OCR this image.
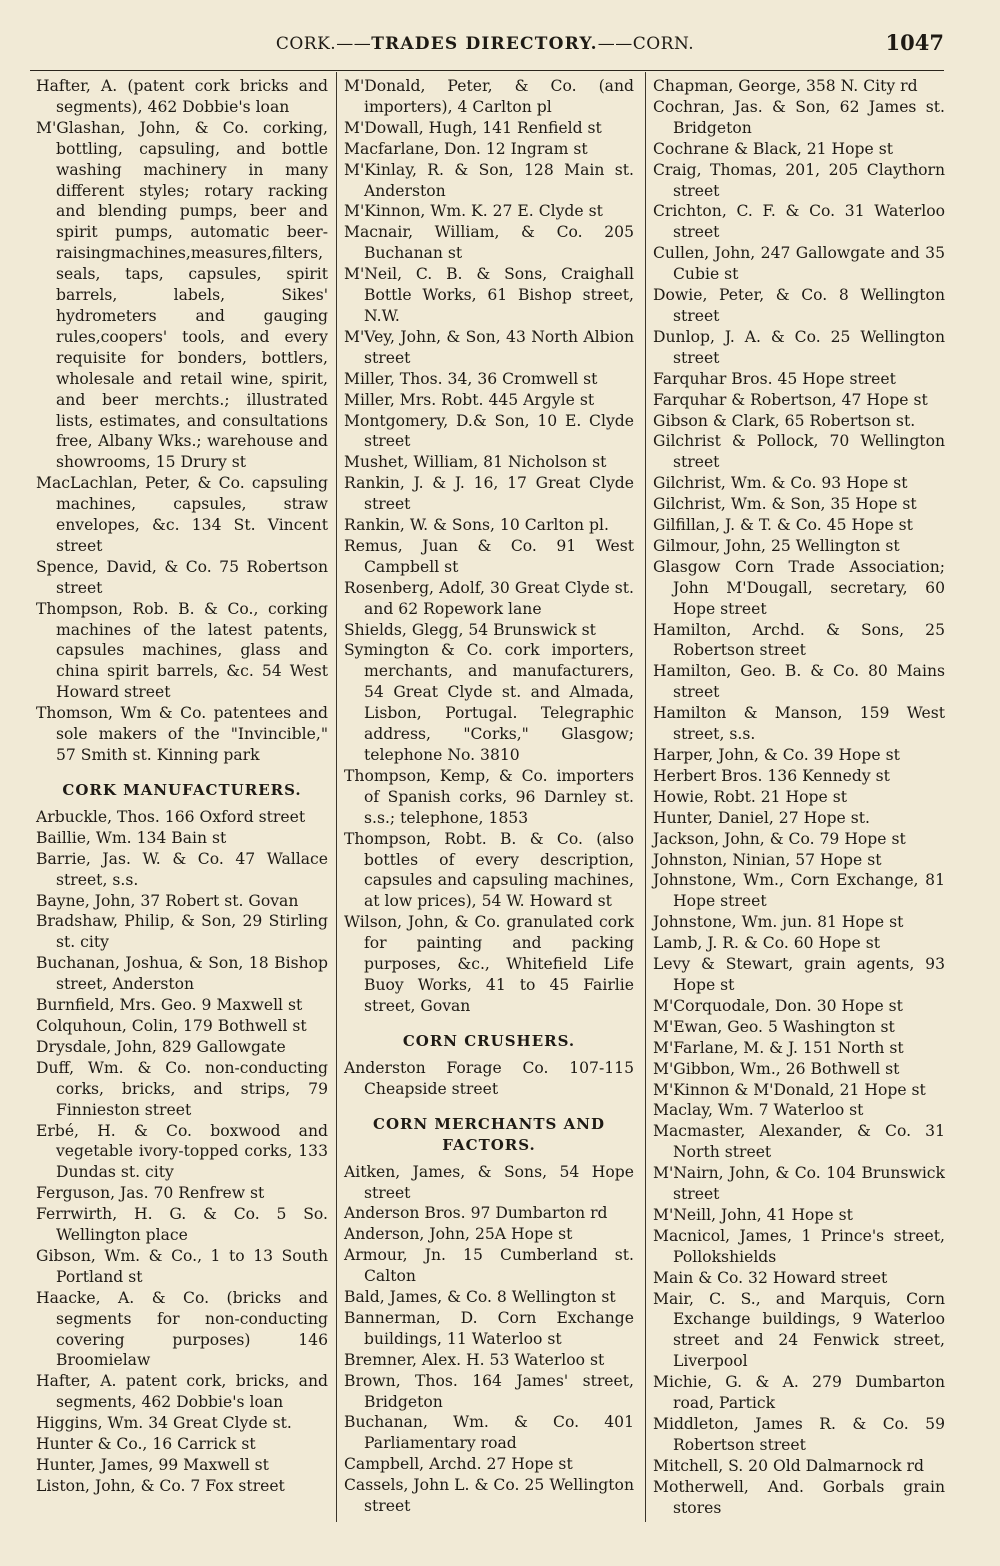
CORK.——TRADES DIRECTORY.——CORN.	1047
Hafter, A. (patent cork bricks and segments), 462 Dobbie's loan
M'Glashan, John, & Co. corking, bottling, capsuling, and bottle washing machinery in many different styles; rotary racking and blending pumps, beer and spirit pumps, automatic beer-raisingmachines,measures,filters, seals, taps, capsules, spirit barrels, labels, Sikes' hydrometers and gauging rules,coopers' tools, and every requisite for bonders, bottlers, wholesale and retail wine, spirit, and beer merchts.; illustrated lists, estimates, and consultations free, Albany Wks.; warehouse and showrooms, 15 Drury st
MacLachlan, Peter, & Co. capsuling machines, capsules, straw envelopes, &c. 134 St. Vincent street
Spence, David, & Co. 75 Robertson street
Thompson, Rob. B. & Co., corking machines of the latest patents, capsules machines, glass and china spirit barrels, &c. 54 West Howard street
Thomson, Wm & Co. patentees and sole makers of the "Invincible," 57 Smith st. Kinning park
CORK MANUFACTURERS.
Arbuckle, Thos. 166 Oxford street
Baillie, Wm. 134 Bain st
Barrie, Jas. W. & Co. 47 Wallace street, s.s.
Bayne, John, 37 Robert st. Govan
Bradshaw, Philip, & Son, 29 Stirling st. city
Buchanan, Joshua, & Son, 18 Bishop street, Anderston
Burnfield, Mrs. Geo. 9 Maxwell st
Colquhoun, Colin, 179 Bothwell st
Drysdale, John, 829 Gallowgate
Duff, Wm. & Co. non-conducting corks, bricks, and strips, 79 Finnieston street
Erbé, H. & Co. boxwood and vegetable ivory-topped corks, 133 Dundas st. city
Ferguson, Jas. 70 Renfrew st
Ferrwirth, H. G. & Co. 5 So. Wellington place
Gibson, Wm. & Co., 1 to 13 South Portland st
Haacke, A. & Co. (bricks and segments for non-conducting covering purposes) 146 Broomielaw
Hafter, A. patent cork, bricks, and segments, 462 Dobbie's loan
Higgins, Wm. 34 Great Clyde st.
Hunter & Co., 16 Carrick st
Hunter, James, 99 Maxwell st
Liston, John, & Co. 7 Fox street
M'Donald, Peter, & Co. (and importers), 4 Carlton pl
M'Dowall, Hugh, 141 Renfield st
Macfarlane, Don. 12 Ingram st
M'Kinlay, R. & Son, 128 Main st. Anderston
M'Kinnon, Wm. K. 27 E. Clyde st
Macnair, William, & Co. 205 Buchanan st
M'Neil, C. B. & Sons, Craighall Bottle Works, 61 Bishop street, N.W.
M'Vey, John, & Son, 43 North Albion street
Miller, Thos. 34, 36 Cromwell st
Miller, Mrs. Robt. 445 Argyle st
Montgomery, D.& Son, 10 E. Clyde street
Mushet, William, 81 Nicholson st
Rankin, J. & J. 16, 17 Great Clyde street
Rankin, W. & Sons, 10 Carlton pl.
Remus, Juan & Co. 91 West Campbell st
Rosenberg, Adolf, 30 Great Clyde st. and 62 Ropework lane
Shields, Glegg, 54 Brunswick st
Symington & Co. cork importers, merchants, and manufacturers, 54 Great Clyde st. and Almada, Lisbon, Portugal. Telegraphic address, "Corks," Glasgow; telephone No. 3810
Thompson, Kemp, & Co. importers of Spanish corks, 96 Darnley st. s.s.; telephone, 1853
Thompson, Robt. B. & Co. (also bottles of every description, capsules and capsuling machines, at low prices), 54 W. Howard st
Wilson, John, & Co. granulated cork for painting and packing purposes, &c., Whitefield Life Buoy Works, 41 to 45 Fairlie street, Govan
CORN CRUSHERS.
Anderston Forage Co. 107-115 Cheapside street
CORN MERCHANTS AND FACTORS.
Aitken, James, & Sons, 54 Hope street
Anderson Bros. 97 Dumbarton rd
Anderson, John, 25A Hope st
Armour, Jn. 15 Cumberland st. Calton
Bald, James, & Co. 8 Wellington st
Bannerman, D. Corn Exchange buildings, 11 Waterloo st
Bremner, Alex. H. 53 Waterloo st
Brown, Thos. 164 James' street, Bridgeton
Buchanan, Wm. & Co. 401 Parliamentary road
Campbell, Archd. 27 Hope st
Cassels, John L. & Co. 25 Wellington street
Chapman, George, 358 N. City rd
Cochran, Jas. & Son, 62 James st. Bridgeton
Cochrane & Black, 21 Hope st
Craig, Thomas, 201, 205 Claythorn street
Crichton, C. F. & Co. 31 Waterloo street
Cullen, John, 247 Gallowgate and 35 Cubie st
Dowie, Peter, & Co. 8 Wellington street
Dunlop, J. A. & Co. 25 Wellington street
Farquhar Bros. 45 Hope street
Farquhar & Robertson, 47 Hope st
Gibson & Clark, 65 Robertson st.
Gilchrist & Pollock, 70 Wellington street
Gilchrist, Wm. & Co. 93 Hope st
Gilchrist, Wm. & Son, 35 Hope st
Gilfillan, J. & T. & Co. 45 Hope st
Gilmour, John, 25 Wellington st
Glasgow Corn Trade Association; John M'Dougall, secretary, 60 Hope street
Hamilton, Archd. & Sons, 25 Robertson street
Hamilton, Geo. B. & Co. 80 Mains street
Hamilton & Manson, 159 West street, s.s.
Harper, John, & Co. 39 Hope st
Herbert Bros. 136 Kennedy st
Howie, Robt. 21 Hope st
Hunter, Daniel, 27 Hope st.
Jackson, John, & Co. 79 Hope st
Johnston, Ninian, 57 Hope st
Johnstone, Wm., Corn Exchange, 81 Hope street
Johnstone, Wm. jun. 81 Hope st
Lamb, J. R. & Co. 60 Hope st
Levy & Stewart, grain agents, 93 Hope st
M'Corquodale, Don. 30 Hope st
M'Ewan, Geo. 5 Washington st
M'Farlane, M. & J. 151 North st
M'Gibbon, Wm., 26 Bothwell st
M'Kinnon & M'Donald, 21 Hope st
Maclay, Wm. 7 Waterloo st
Macmaster, Alexander, & Co. 31 North street
M'Nairn, John, & Co. 104 Brunswick street
M'Neill, John, 41 Hope st
Macnicol, James, 1 Prince's street, Pollokshields
Main & Co. 32 Howard street
Mair, C. S., and Marquis, Corn Exchange buildings, 9 Waterloo street and 24 Fenwick street, Liverpool
Michie, G. & A. 279 Dumbarton road, Partick
Middleton, James R. & Co. 59 Robertson street
Mitchell, S. 20 Old Dalmarnock rd
Motherwell, And. Gorbals grain stores
